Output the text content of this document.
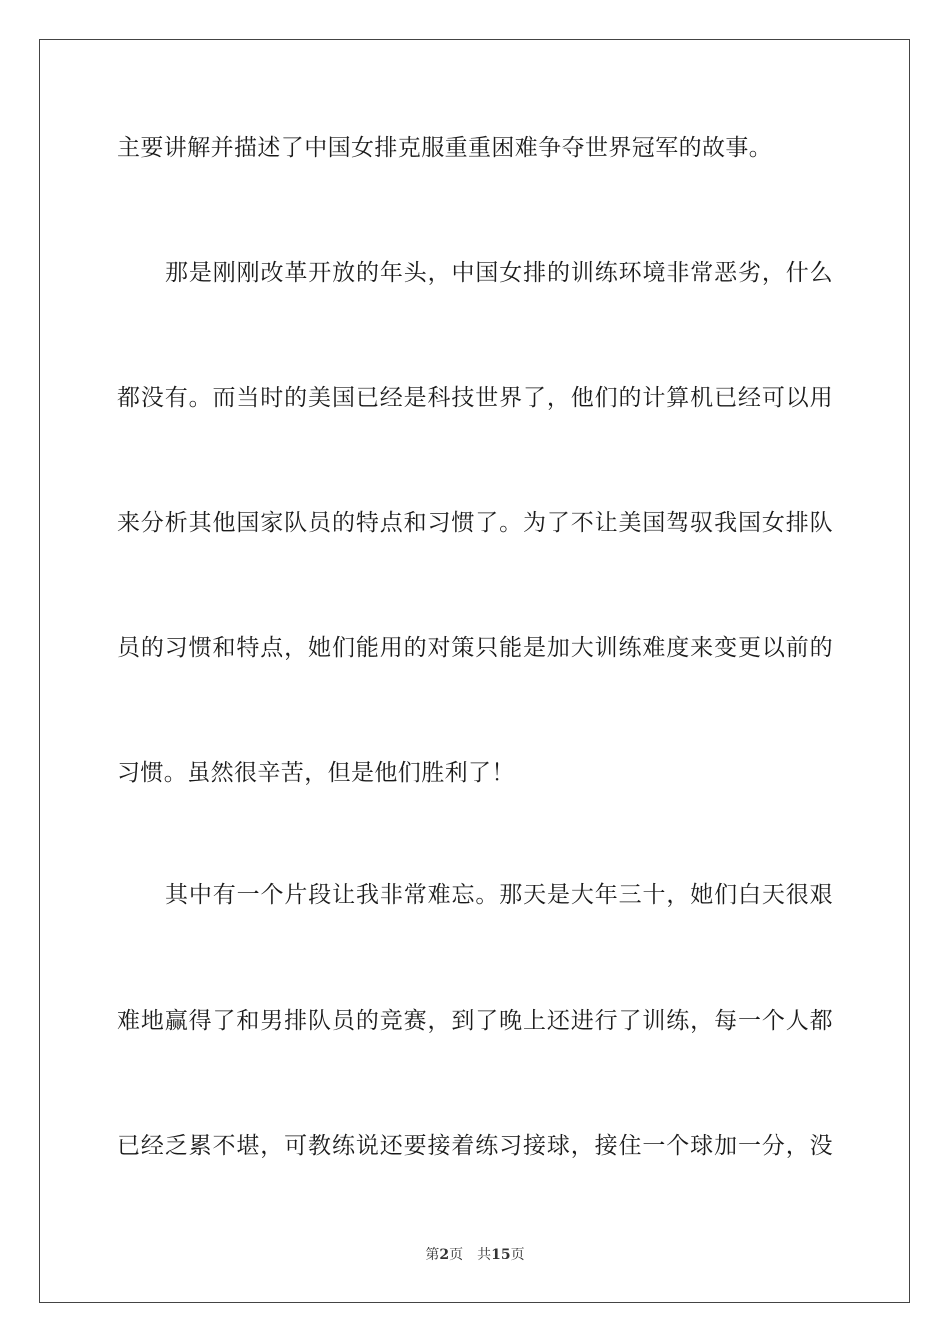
主要讲解并描述了中国女排克服重重困难争夺世界冠军的故事。
那是刚刚改革开放的年头，中国女排的训练环境非常恶劣，什么
都没有。而当时的美国已经是科技世界了，他们的计算机已经可以用
来分析其他国家队员的特点和习惯了。为了不让美国驾驭我国女排队
员的习惯和特点，她们能用的对策只能是加大训练难度来变更以前的
习惯。虽然很辛苦，但是他们胜利了！
其中有一个片段让我非常难忘。那天是大年三十，她们白天很艰
难地赢得了和男排队员的竞赛，到了晚上还进行了训练，每一个人都
已经乏累不堪，可教练说还要接着练习接球，接住一个球加一分，没
第2页 共15页
